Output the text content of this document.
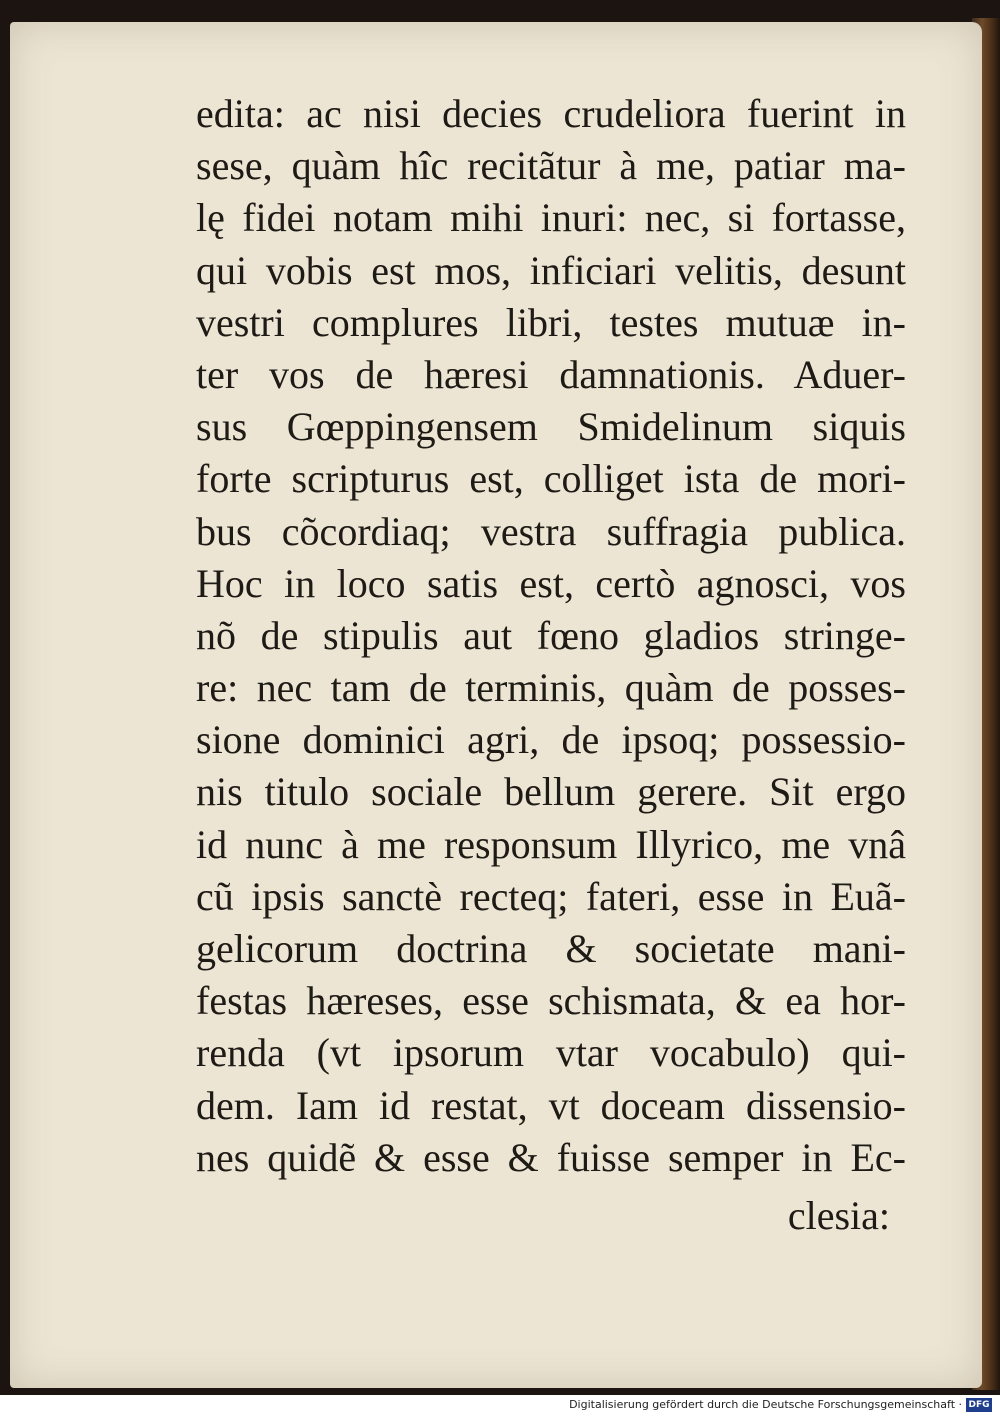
edita: ac nisi decies crudeliora fuerint in
sese, quàm hîc recitãtur à me, patiar ma-
lę fidei notam mihi inuri: nec, si fortasse,
qui vobis est mos, inficiari velitis, desunt
vestri complures libri, testes mutuæ in-
ter vos de hæresi damnationis. Aduer-
sus Gœppingensem Smidelinum siquis
forte scripturus est, colliget ista de mori-
bus cõcordiaq; vestra suffragia publica.
Hoc in loco satis est, certò agnosci, vos
nõ de stipulis aut fœno gladios stringe-
re: nec tam de terminis, quàm de posses-
sione dominici agri, de ipsoq; possessio-
nis titulo sociale bellum gerere. Sit ergo
id nunc à me responsum Illyrico, me vnâ
cũ ipsis sanctè recteq; fateri, esse in Euã-
gelicorum doctrina & societate mani-
festas hæreses, esse schismata, & ea hor-
renda (vt ipsorum vtar vocabulo) qui-
dem. Iam id restat, vt doceam dissensio-
nes quidẽ & esse & fuisse semper in Ec-
clesia:
Digitalisierung gefördert durch die Deutsche Forschungsgemeinschaft · DFG
